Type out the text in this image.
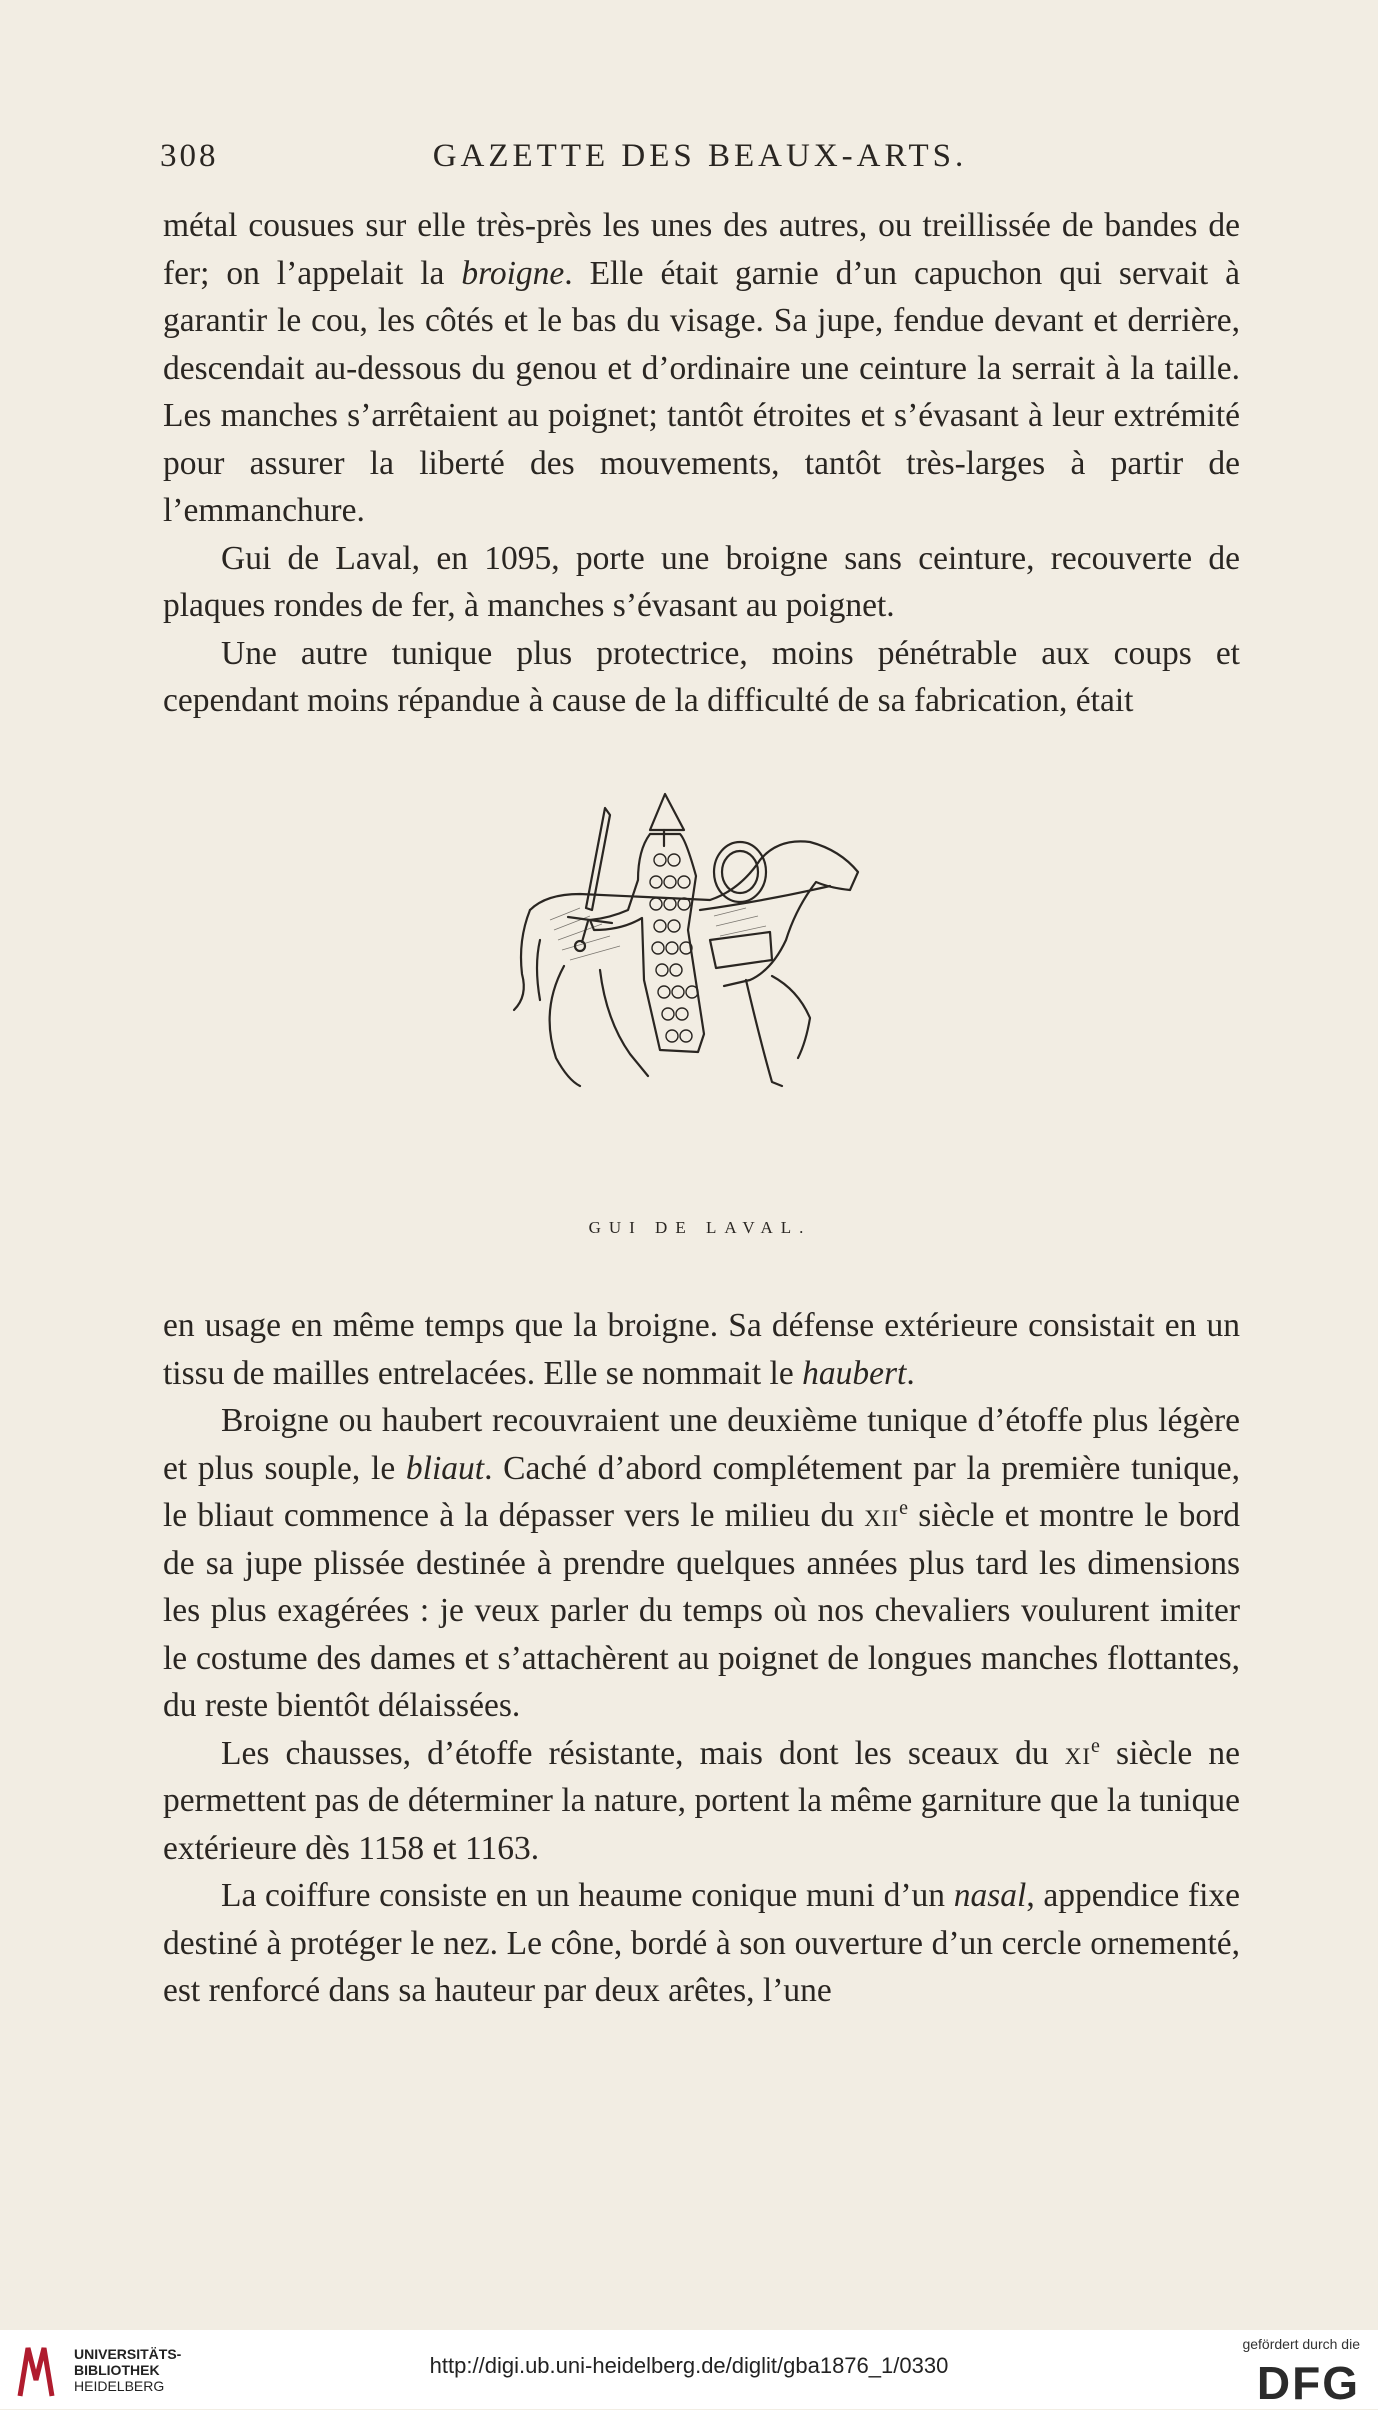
308	GAZETTE DES BEAUX-ARTS.

métal cousues sur elle très-près les unes des autres, ou treillissée de bandes de fer; on l’appelait la broigne. Elle était garnie d’un capuchon qui servait à garantir le cou, les côtés et le bas du visage. Sa jupe, fendue devant et derrière, descendait au-dessous du genou et d’ordinaire une ceinture la serrait à la taille. Les manches s’arrêtaient au poignet; tantôt étroites et s’évasant à leur extrémité pour assurer la liberté des mouvements, tantôt très-larges à partir de l’emmanchure.

Gui de Laval, en 1095, porte une broigne sans ceinture, recouverte de plaques rondes de fer, à manches s’évasant au poignet.

Une autre tunique plus protectrice, moins pénétrable aux coups et cependant moins répandue à cause de la difficulté de sa fabrication, était

GUI DE LAVAL.

en usage en même temps que la broigne. Sa défense extérieure consistait en un tissu de mailles entrelacées. Elle se nommait le haubert.

Broigne ou haubert recouvraient une deuxième tunique d’étoffe plus légère et plus souple, le bliaut. Caché d’abord complétement par la première tunique, le bliaut commence à la dépasser vers le milieu du xii$^e$ siècle et montre le bord de sa jupe plissée destinée à prendre quelques années plus tard les dimensions les plus exagérées : je veux parler du temps où nos chevaliers voulurent imiter le costume des dames et s’attachèrent au poignet de longues manches flottantes, du reste bientôt délaissées.

Les chausses, d’étoffe résistante, mais dont les sceaux du $xi^e$ siècle ne permettent pas de déterminer la nature, portent la même garniture que la tunique extérieure dès 1158 et 1163.

La coiffure consiste en un heaume conique muni d’un nasal, appendice fixe destiné à protéger le nez. Le cône, bordé à son ouverture d’un cercle ornementé, est renforcé dans sa hauteur par deux arêtes, l’une

UNIVERSITÄTS-
BIBLIOTHEK
HEIDELBERG
http://digi.ub.uni-heidelberg.de/diglit/gba1876_1/0330
gefördert durch die
DFG
